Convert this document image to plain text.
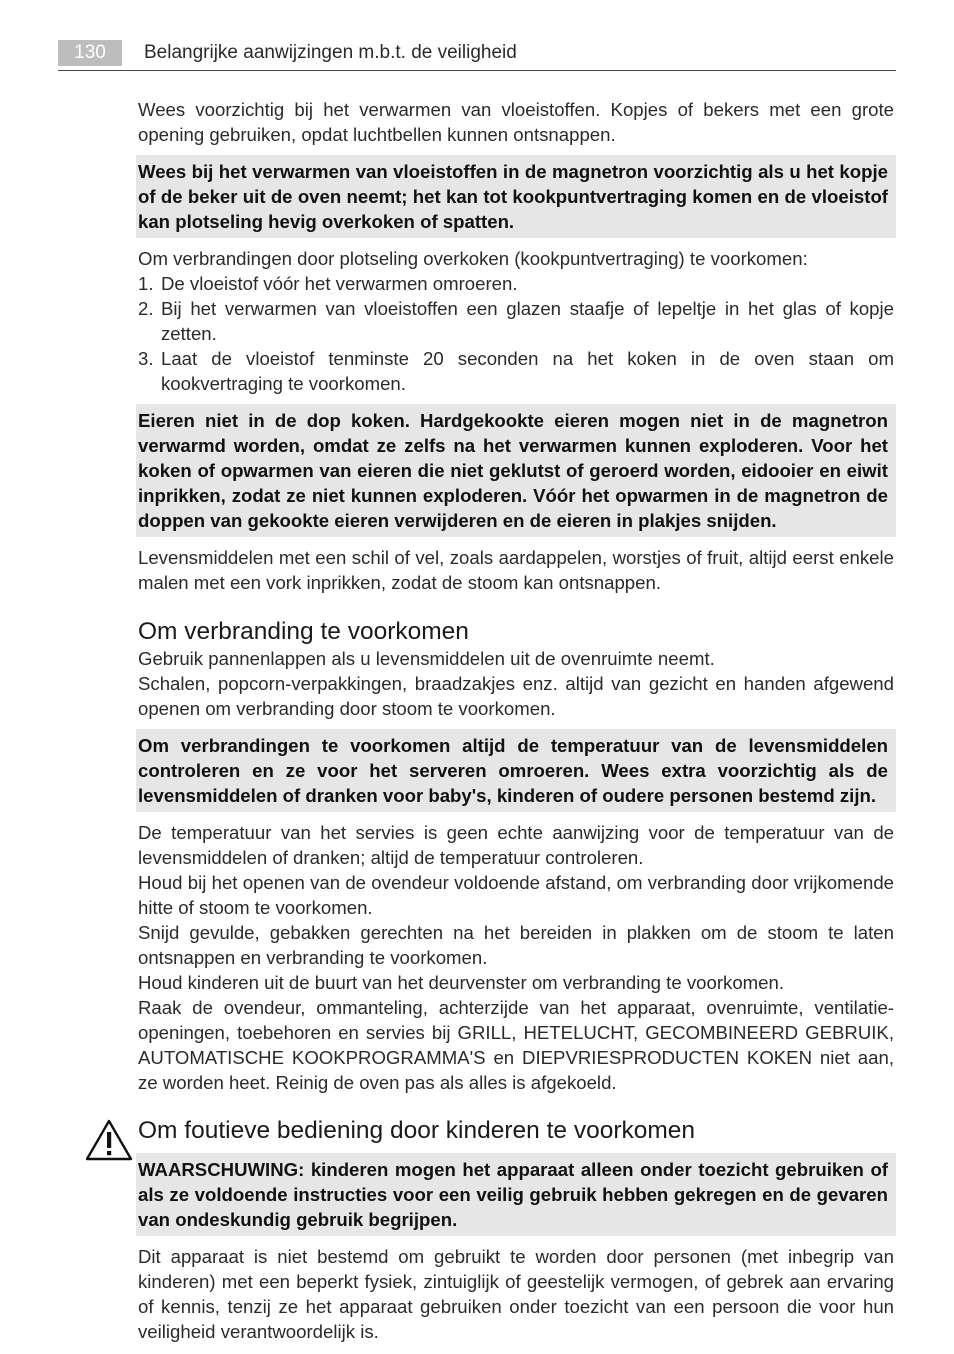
130	Belangrijke aanwijzingen m.b.t. de veiligheid

Wees voorzichtig bij het verwarmen van vloeistoffen. Kopjes of bekers met een grote opening gebruiken, opdat luchtbellen kunnen ontsnappen.

Wees bij het verwarmen van vloeistoffen in de magnetron voorzichtig als u het kopje of de beker uit de oven neemt; het kan tot kookpuntvertraging komen en de vloeistof kan plotseling hevig overkoken of spatten.

Om verbrandingen door plotseling overkoken (kookpuntvertraging) te voorkomen:

1. De vloeistof vóór het verwarmen omroeren.
2. Bij het verwarmen van vloeistoffen een glazen staafje of lepeltje in het glas of kopje zetten.
3. Laat de vloeistof tenminste 20 seconden na het koken in de oven staan om kookvertraging te voorkomen.

Eieren niet in de dop koken. Hardgekookte eieren mogen niet in de magnetron verwarmd worden, omdat ze zelfs na het verwarmen kunnen exploderen. Voor het koken of opwarmen van eieren die niet geklutst of geroerd worden, eidooier en eiwit inprikken, zodat ze niet kunnen exploderen. Vóór het opwarmen in de magnetron de doppen van gekookte eieren verwijderen en de eieren in plakjes snijden.

Levensmiddelen met een schil of vel, zoals aardappelen, worstjes of fruit, altijd eerst enkele malen met een vork inprikken, zodat de stoom kan ontsnappen.

Om verbranding te voorkomen

Gebruik pannenlappen als u levensmiddelen uit de ovenruimte neemt.

Schalen, popcorn-verpakkingen, braadzakjes enz. altijd van gezicht en handen afgewend openen om verbranding door stoom te voorkomen.

Om verbrandingen te voorkomen altijd de temperatuur van de levensmiddelen controleren en ze voor het serveren omroeren. Wees extra voorzichtig als de levensmiddelen of dranken voor baby's, kinderen of oudere personen bestemd zijn.

De temperatuur van het servies is geen echte aanwijzing voor de temperatuur van de levensmiddelen of dranken; altijd de temperatuur controleren.

Houd bij het openen van de ovendeur voldoende afstand, om verbranding door vrijkomende hitte of stoom te voorkomen.

Snijd gevulde, gebakken gerechten na het bereiden in plakken om de stoom te laten ontsnappen en verbranding te voorkomen.

Houd kinderen uit de buurt van het deurvenster om verbranding te voorkomen.

Raak de ovendeur, ommanteling, achterzijde van het apparaat, ovenruimte, ventilatie-openingen, toebehoren en servies bij GRILL, HETELUCHT, GECOMBINEERD GEBRUIK, AUTOMATISCHE KOOKPROGRAMMA'S en DIEPVRIESPRODUCTEN KOKEN niet aan, ze worden heet. Reinig de oven pas als alles is afgekoeld.

Om foutieve bediening door kinderen te voorkomen

WAARSCHUWING: kinderen mogen het apparaat alleen onder toezicht gebruiken of als ze voldoende instructies voor een veilig gebruik hebben gekregen en de gevaren van ondeskundig gebruik begrijpen.

Dit apparaat is niet bestemd om gebruikt te worden door personen (met inbegrip van kinderen) met een beperkt fysiek, zintuiglijk of geestelijk vermogen, of gebrek aan ervaring of kennis, tenzij ze het apparaat gebruiken onder toezicht van een persoon die voor hun veiligheid verantwoordelijk is.
